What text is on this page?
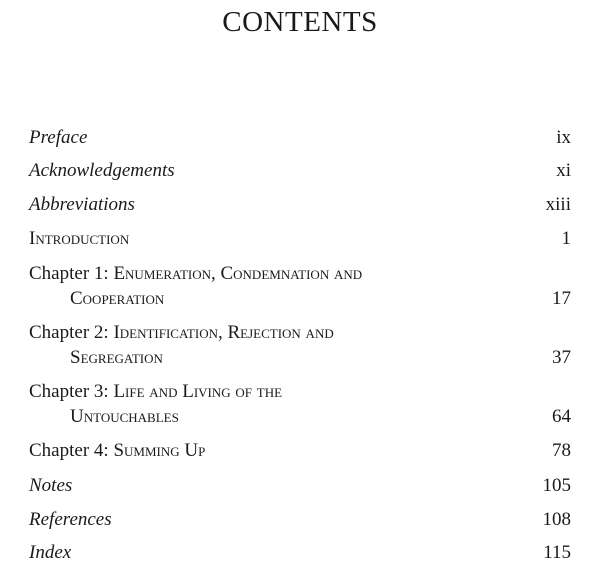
CONTENTS
Preface	ix
Acknowledgements	xi
Abbreviations	xiii
Introduction	1
Chapter 1: Enumeration, Condemnation and
Cooperation	17
Chapter 2: Identification, Rejection and
Segregation	37
Chapter 3: Life and Living of the
Untouchables	64
Chapter 4: Summing Up	78
Notes	105
References	108
Index	115
